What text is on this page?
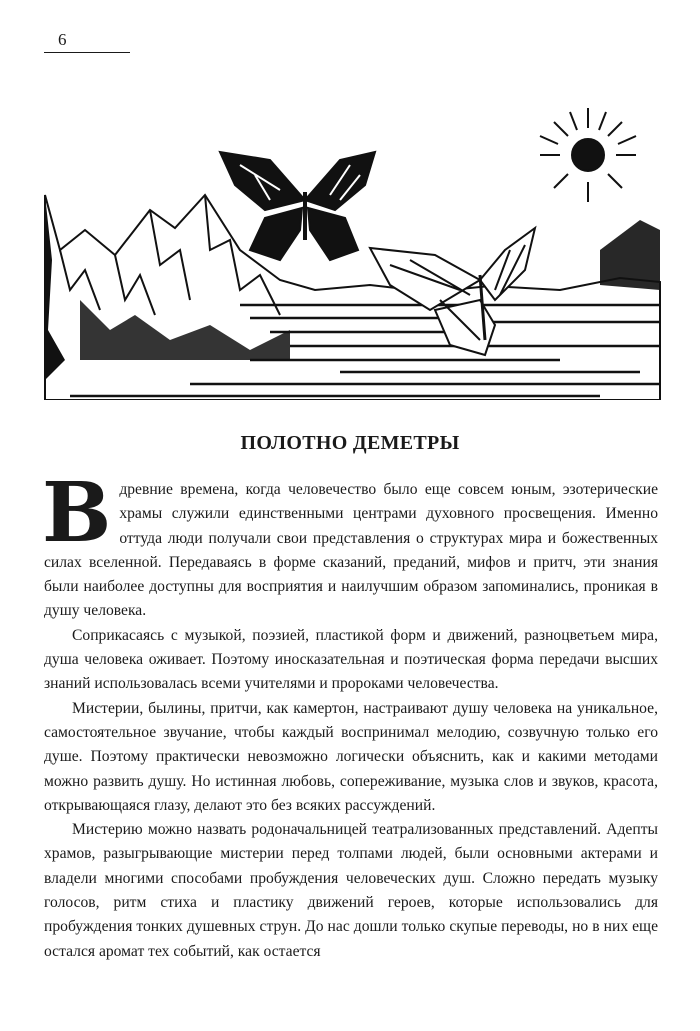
6
ПОЛОТНО ДЕМЕТРЫ

Вдревние времена, когда человечество было еще совсем юным, эзотерические храмы служили единственными центрами духовного просвещения. Именно оттуда люди получали свои представления о структурах мира и божественных силах вселенной. Передаваясь в форме сказаний, преданий, мифов и притч, эти знания были наиболее доступны для восприятия и наилучшим образом запоминались, проникая в душу человека.

Соприкасаясь с музыкой, поэзией, пластикой форм и движений, разноцветьем мира, душа человека оживает. Поэтому иносказательная и поэтическая форма передачи высших знаний использовалась всеми учителями и пророками человечества.

Мистерии, былины, притчи, как камертон, настраивают душу человека на уникальное, самостоятельное звучание, чтобы каждый воспринимал мелодию, созвучную только его душе. Поэтому практически невозможно логически объяснить, как и какими методами можно развить душу. Но истинная любовь, сопереживание, музыка слов и звуков, красота, открывающаяся глазу, делают это без всяких рассуждений.

Мистерию можно назвать родоначальницей театрализованных представлений. Адепты храмов, разыгрывающие мистерии перед толпами людей, были основными актерами и владели многими способами пробуждения человеческих душ. Сложно передать музыку голосов, ритм стиха и пластику движений героев, которые использовались для пробуждения тонких душевных струн. До нас дошли только скупые переводы, но в них еще остался аромат тех событий, как остается
